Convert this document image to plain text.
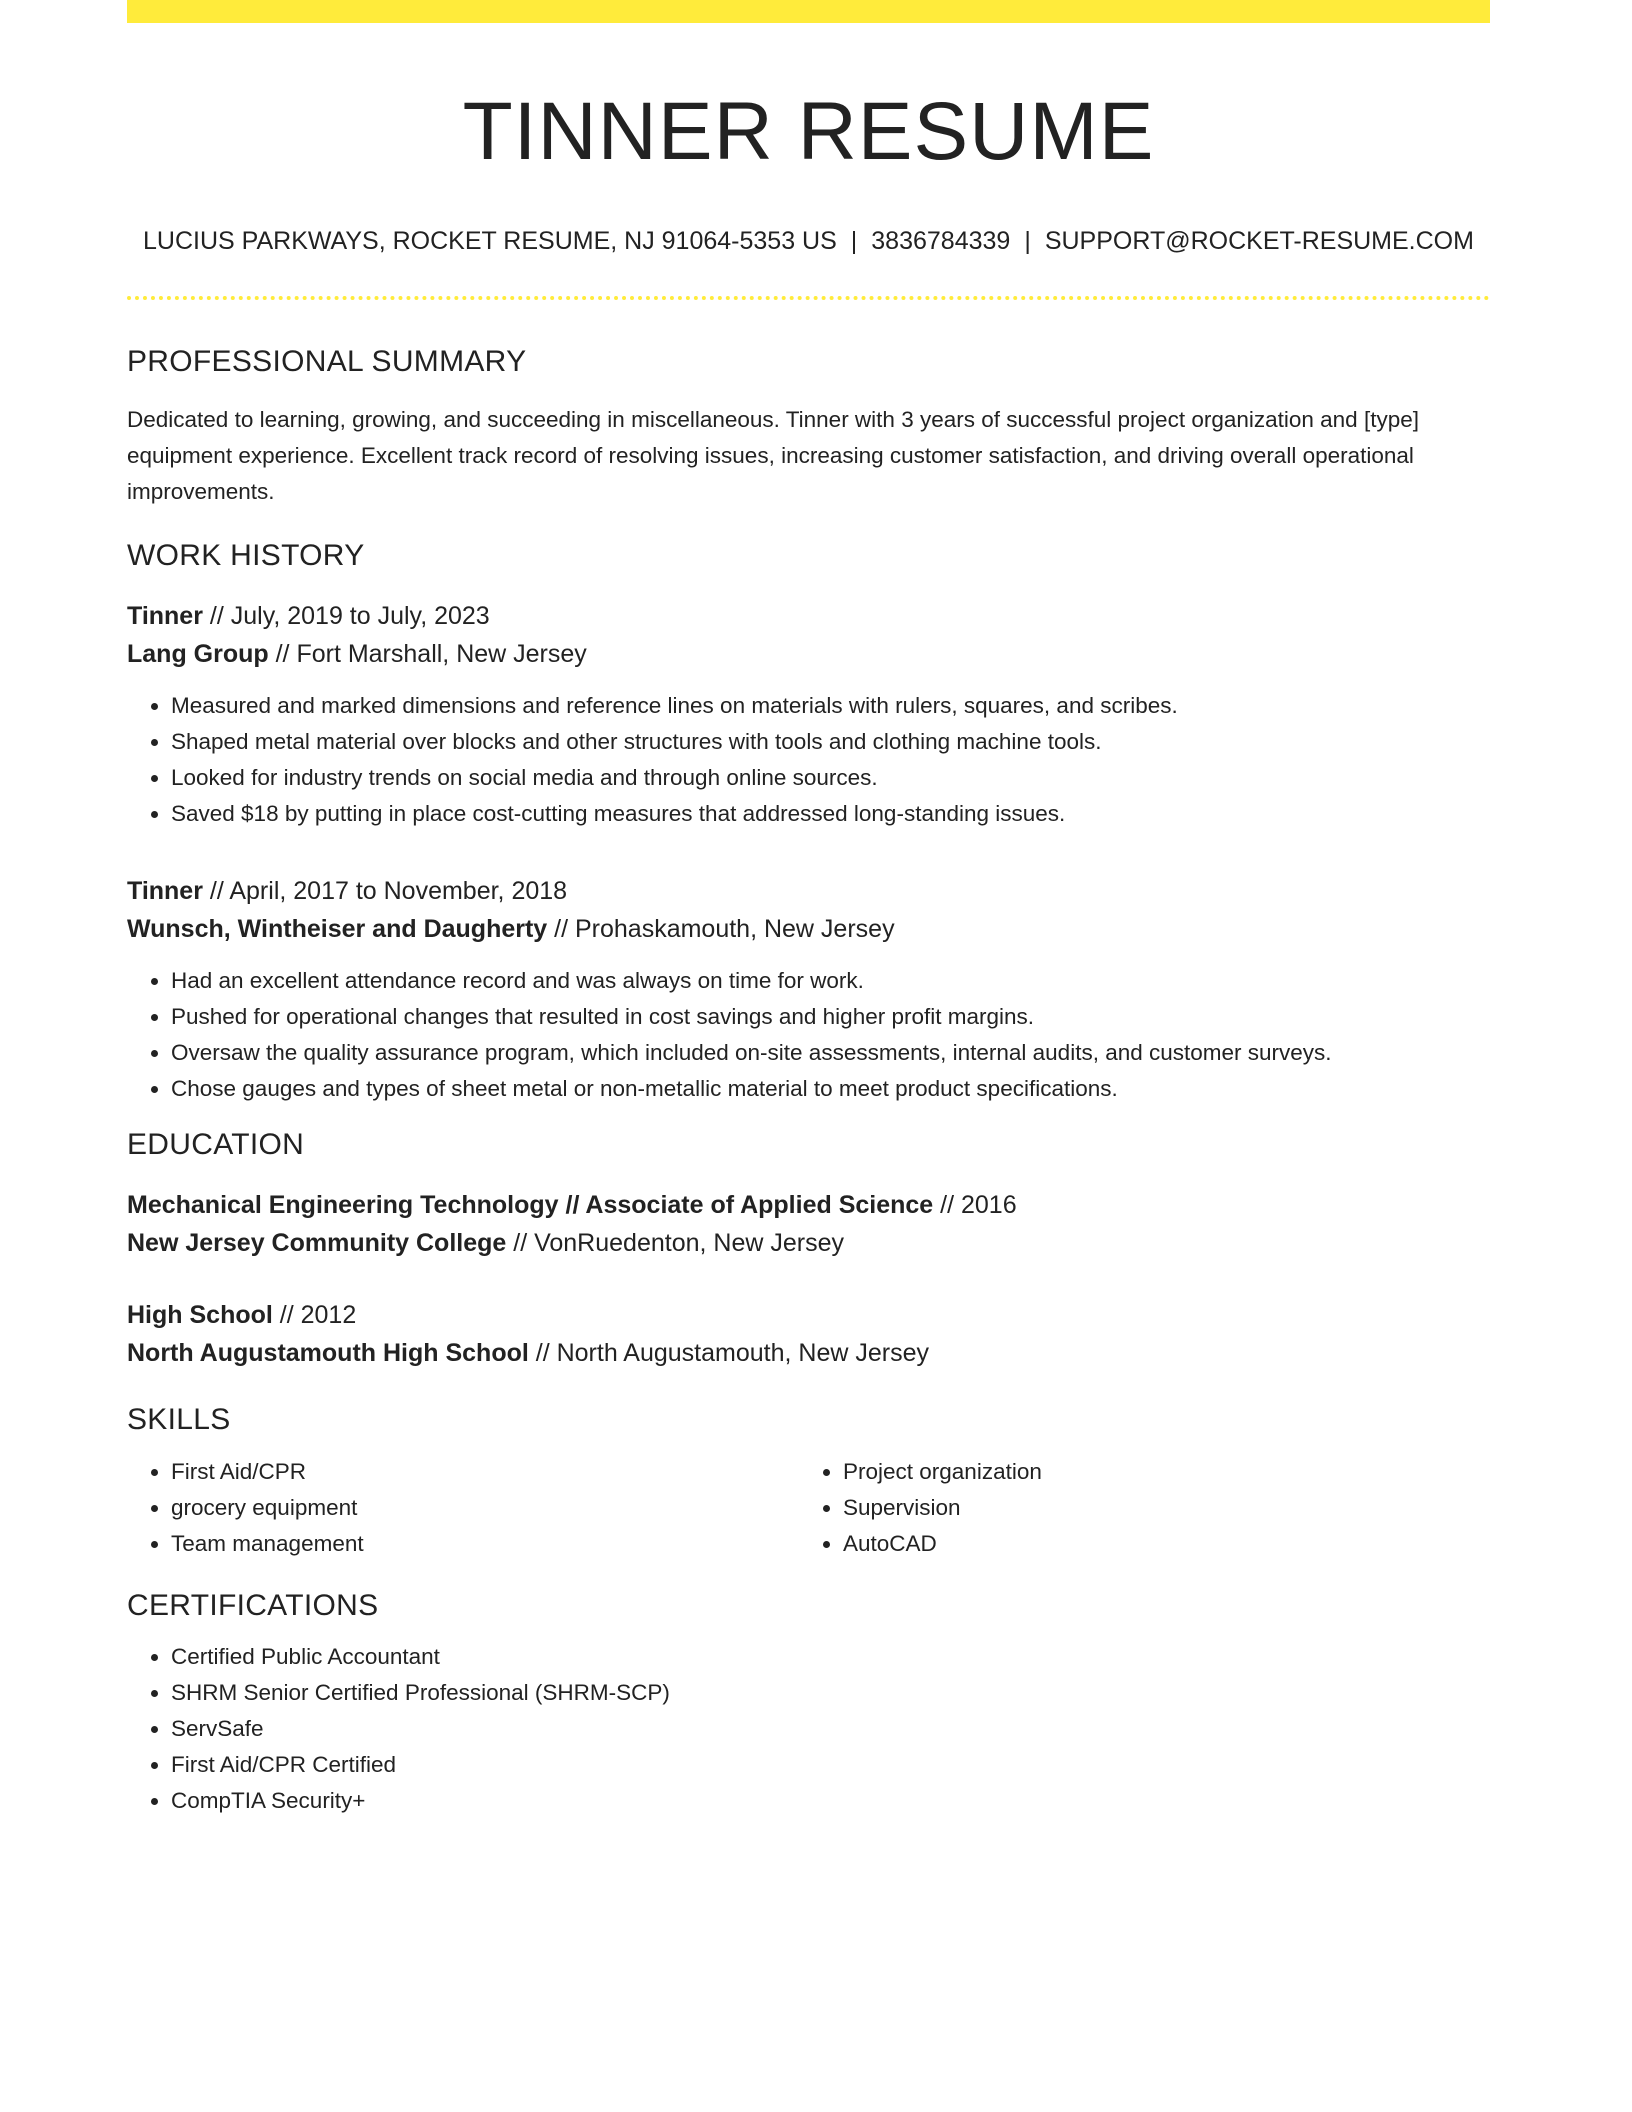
TINNER RESUME
LUCIUS PARKWAYS, ROCKET RESUME, NJ 91064-5353 US | 3836784339 | SUPPORT@ROCKET-RESUME.COM
PROFESSIONAL SUMMARY
Dedicated to learning, growing, and succeeding in miscellaneous. Tinner with 3 years of successful project organization and [type] equipment experience. Excellent track record of resolving issues, increasing customer satisfaction, and driving overall operational improvements.
WORK HISTORY
Tinner // July, 2019 to July, 2023
Lang Group // Fort Marshall, New Jersey
• Measured and marked dimensions and reference lines on materials with rulers, squares, and scribes.
• Shaped metal material over blocks and other structures with tools and clothing machine tools.
• Looked for industry trends on social media and through online sources.
• Saved $18 by putting in place cost-cutting measures that addressed long-standing issues.
Tinner // April, 2017 to November, 2018
Wunsch, Wintheiser and Daugherty // Prohaskamouth, New Jersey
• Had an excellent attendance record and was always on time for work.
• Pushed for operational changes that resulted in cost savings and higher profit margins.
• Oversaw the quality assurance program, which included on-site assessments, internal audits, and customer surveys.
• Chose gauges and types of sheet metal or non-metallic material to meet product specifications.
EDUCATION
Mechanical Engineering Technology // Associate of Applied Science // 2016
New Jersey Community College // VonRuedenton, New Jersey
High School // 2012
North Augustamouth High School // North Augustamouth, New Jersey
SKILLS
• First Aid/CPR
• grocery equipment
• Team management
• Project organization
• Supervision
• AutoCAD
CERTIFICATIONS
• Certified Public Accountant
• SHRM Senior Certified Professional (SHRM-SCP)
• ServSafe
• First Aid/CPR Certified
• CompTIA Security+
